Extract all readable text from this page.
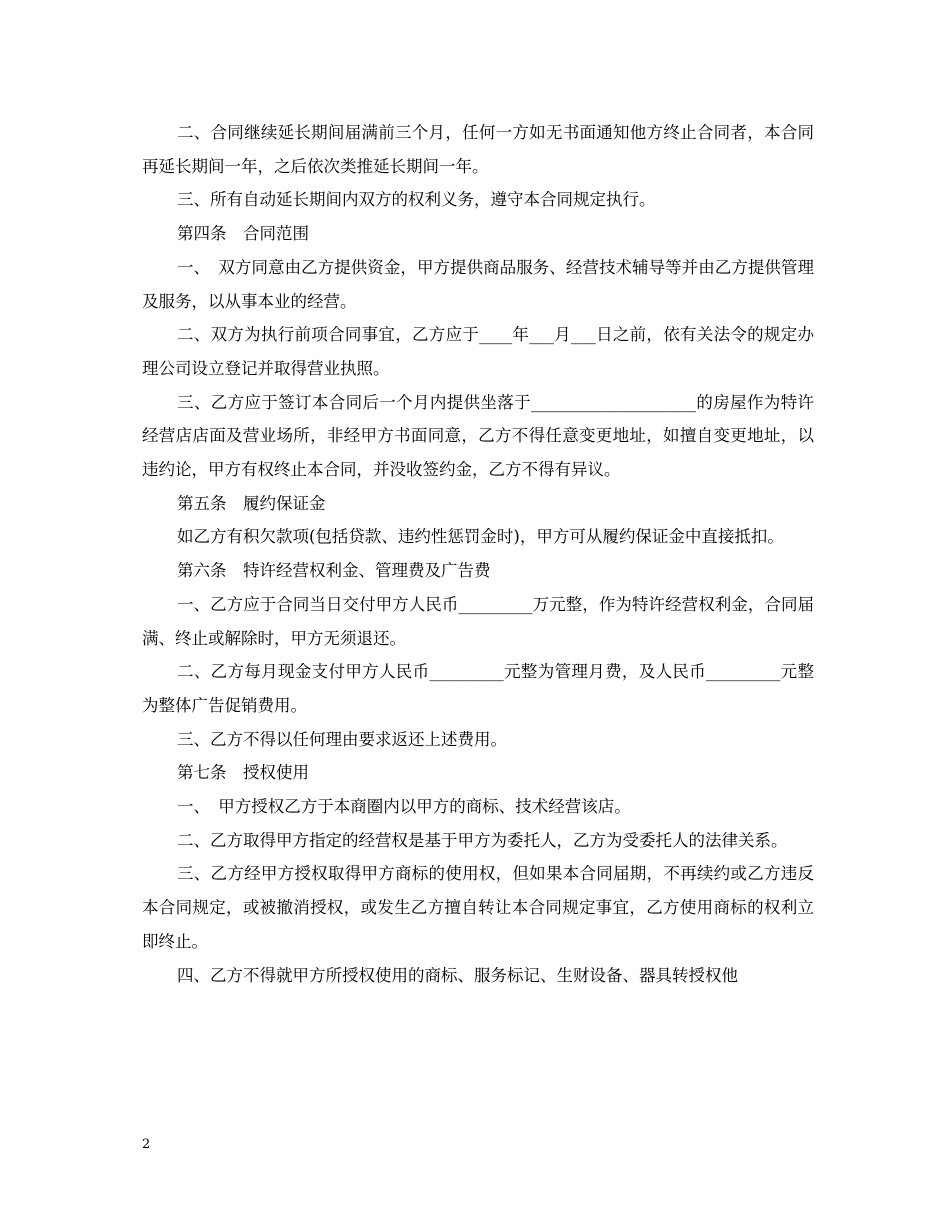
二、合同继续延长期间届满前三个月，任何一方如无书面通知他方终止合同者，本合同再延长期间一年，之后依次类推延长期间一年。

三、所有自动延长期间内双方的权利义务，遵守本合同规定执行。

第四条　合同范围

一、　双方同意由乙方提供资金，甲方提供商品服务、经营技术辅导等并由乙方提供管理及服务，以从事本业的经营。

二、双方为执行前项合同事宜，乙方应于____年___月___日之前，依有关法令的规定办理公司设立登记并取得营业执照。

三、乙方应于签订本合同后一个月内提供坐落于____________________的房屋作为特许经营店店面及营业场所，非经甲方书面同意，乙方不得任意变更地址，如擅自变更地址，以违约论，甲方有权终止本合同，并没收签约金，乙方不得有异议。

第五条　履约保证金

如乙方有积欠款项(包括贷款、违约性惩罚金时)，甲方可从履约保证金中直接抵扣。

第六条　特许经营权利金、管理费及广告费

一、乙方应于合同当日交付甲方人民币_________万元整，作为特许经营权利金，合同届满、终止或解除时，甲方无须退还。

二、乙方每月现金支付甲方人民币_________元整为管理月费，及人民币_________元整为整体广告促销费用。

三、乙方不得以任何理由要求返还上述费用。

第七条　授权使用

一、　甲方授权乙方于本商圈内以甲方的商标、技术经营该店。

二、乙方取得甲方指定的经营权是基于甲方为委托人，乙方为受委托人的法律关系。

三、乙方经甲方授权取得甲方商标的使用权，但如果本合同届期，不再续约或乙方违反本合同规定，或被撤消授权，或发生乙方擅自转让本合同规定事宜，乙方使用商标的权利立即终止。

四、乙方不得就甲方所授权使用的商标、服务标记、生财设备、器具转授权他

2
